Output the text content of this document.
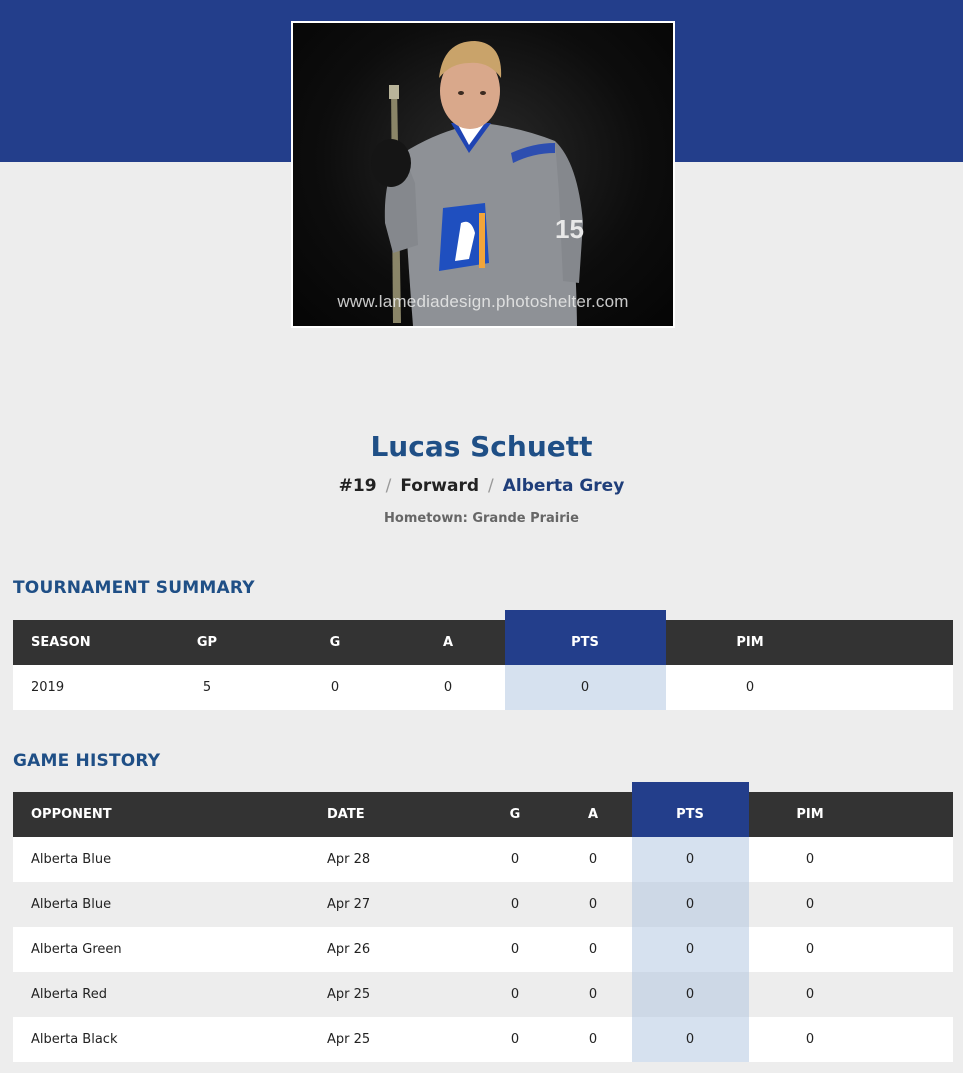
15
www.lamediadesign.photoshelter.com
Lucas Schuett
#19 / Forward / Alberta Grey
Hometown: Grande Prairie
TOURNAMENT SUMMARY
SEASON	GP	G	A	PTS	PIM
2019	5	0	0	0	0
GAME HISTORY
OPPONENT	DATE	G	A	PTS	PIM
Alberta Blue	Apr 28	0	0	0	0
Alberta Blue	Apr 27	0	0	0	0
Alberta Green	Apr 26	0	0	0	0
Alberta Red	Apr 25	0	0	0	0
Alberta Black	Apr 25	0	0	0	0
